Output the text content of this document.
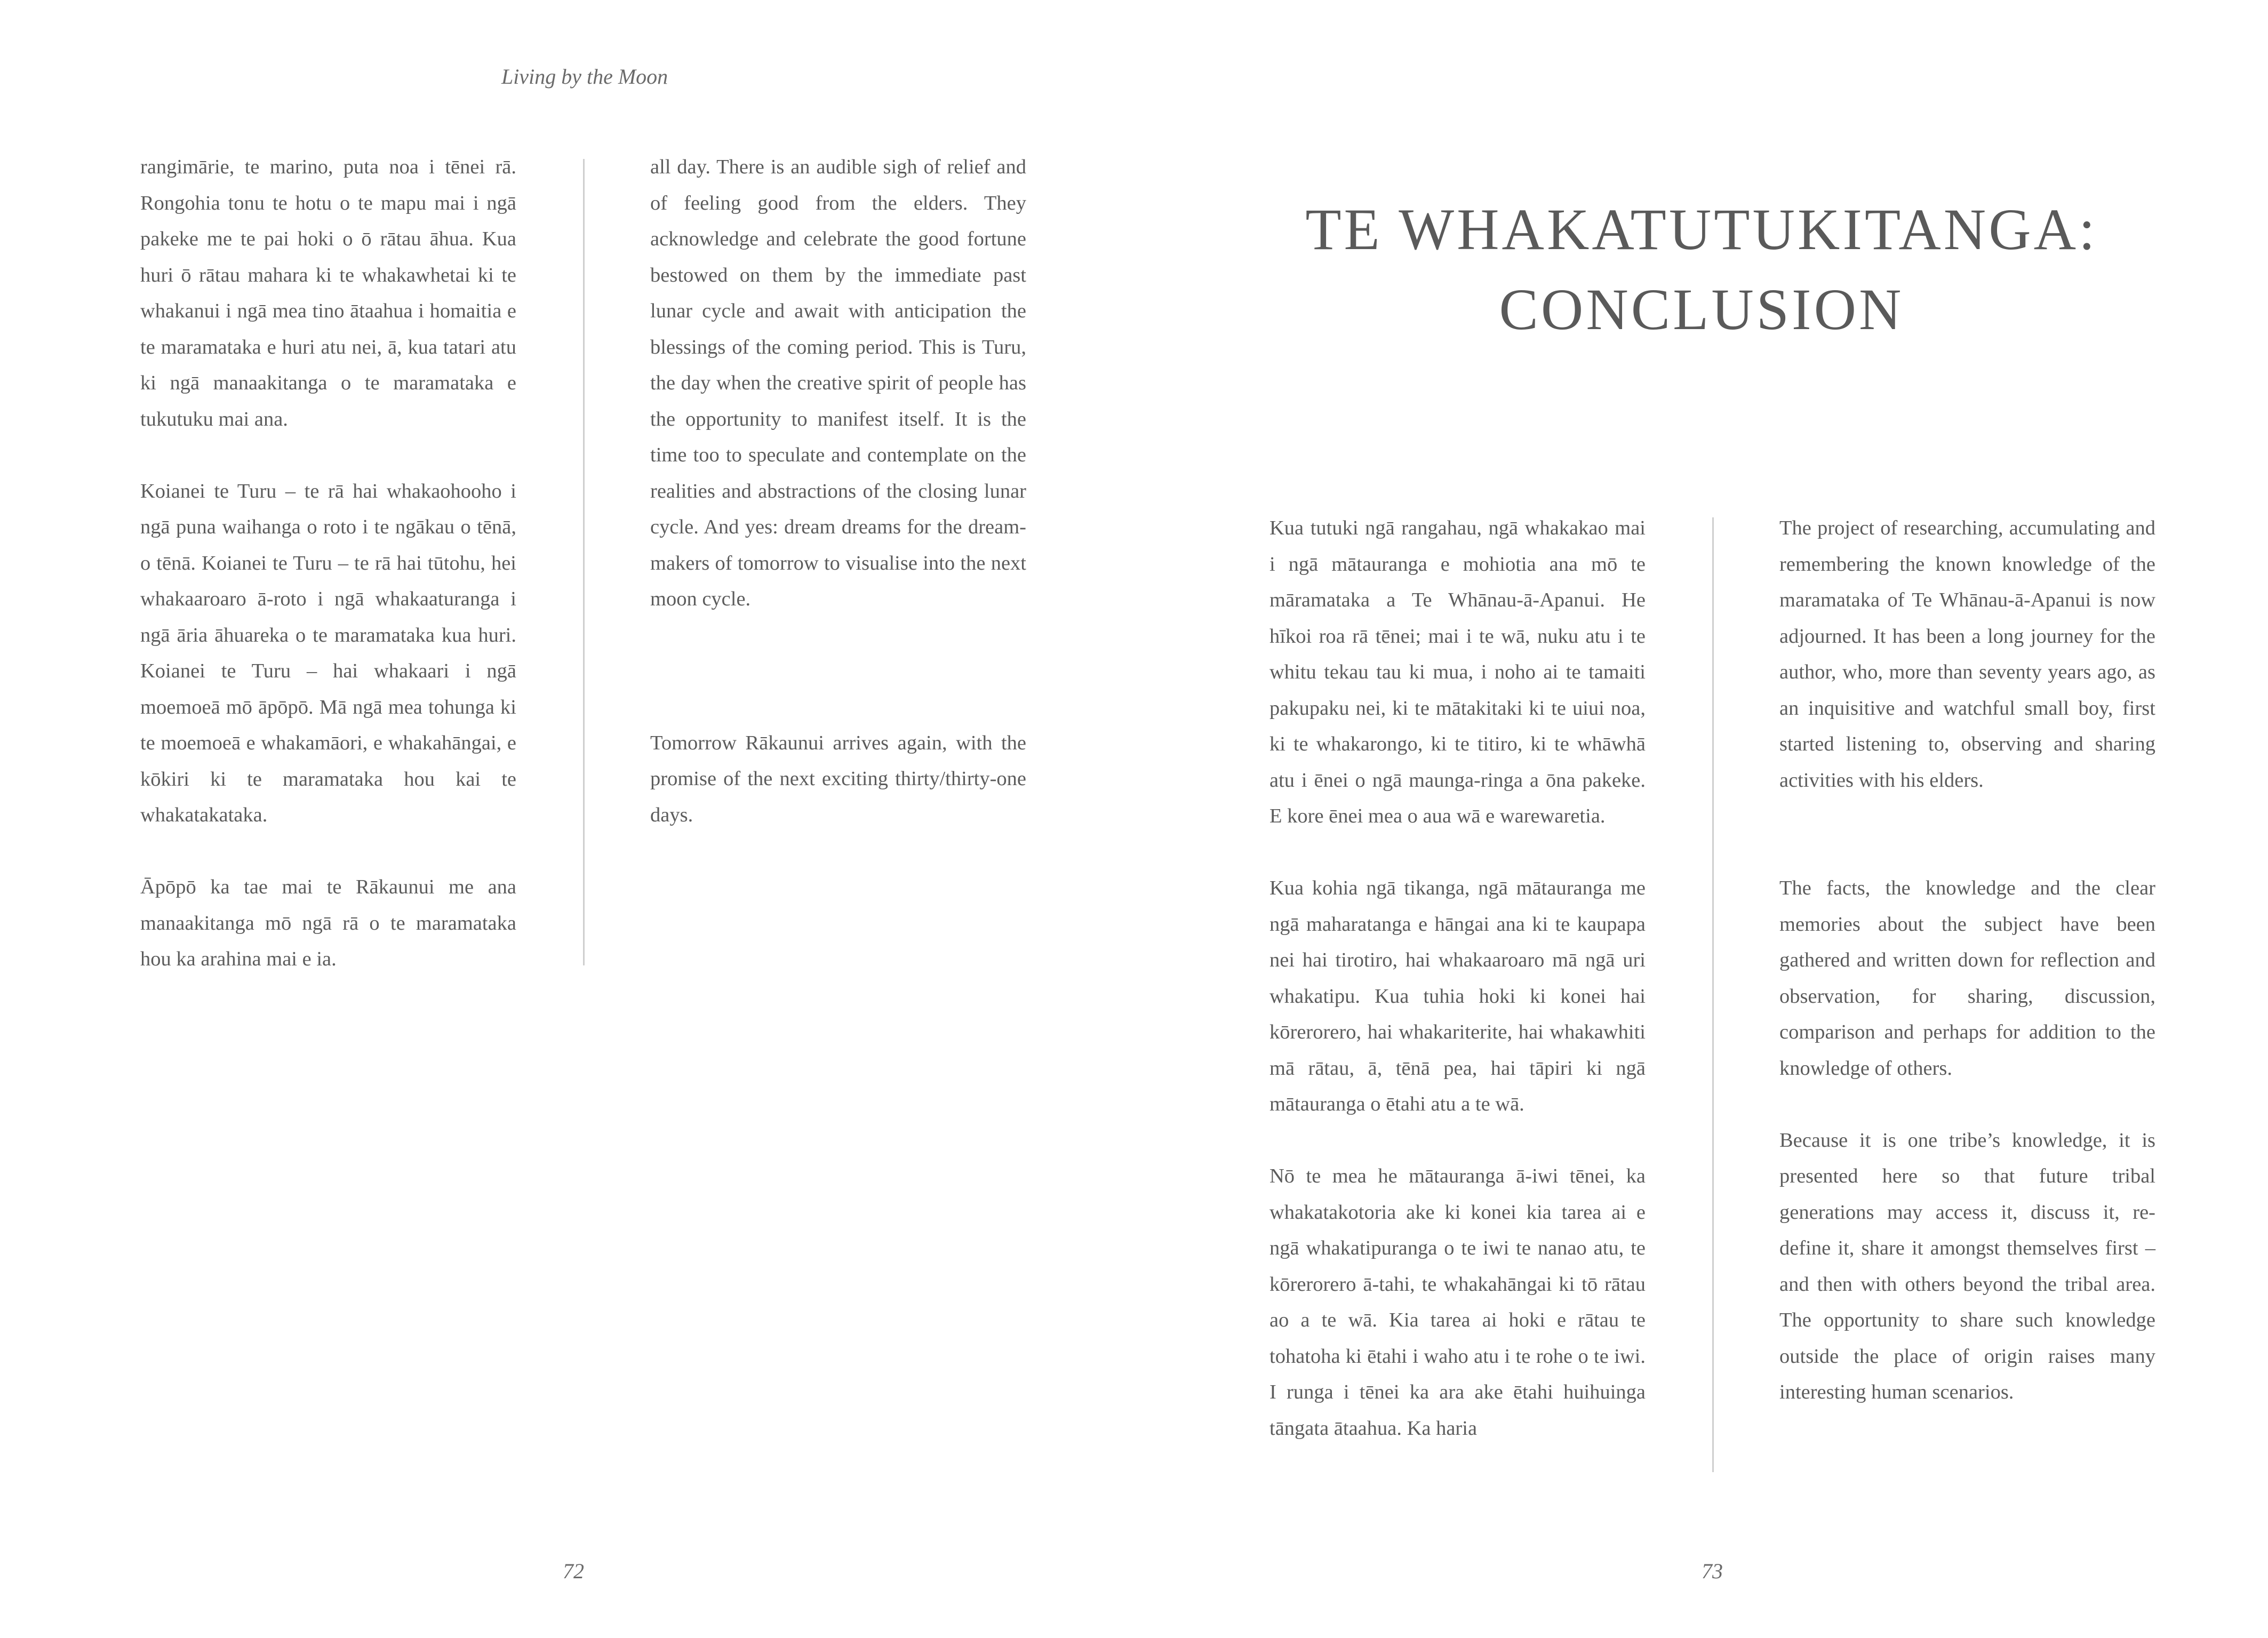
Living by the Moon

rangimārie, te marino, puta noa i tēnei rā. Rongohia tonu te hotu o te mapu mai i ngā pakeke me te pai hoki o ō rātau āhua. Kua huri ō rātau mahara ki te whakawhetai ki te whakanui i ngā mea tino ātaahua i homaitia e te maramataka e huri atu nei, ā, kua tatari atu ki ngā manaakitanga o te maramataka e tukutuku mai ana.

Koianei te Turu – te rā hai whakaohooho i ngā puna waihanga o roto i te ngākau o tēnā, o tēnā. Koianei te Turu – te rā hai tūtohu, hei whakaaroaro ā-roto i ngā whakaaturanga i ngā āria āhuareka o te maramataka kua huri. Koianei te Turu – hai whakaari i ngā moemoeā mō āpōpō. Mā ngā mea tohunga ki te moemoeā e whakamāori, e whakahāngai, e kōkiri ki te maramataka hou kai te whakatakataka.

Āpōpō ka tae mai te Rākaunui me ana manaakitanga mō ngā rā o te maramataka hou ka arahina mai e ia.

all day. There is an audible sigh of relief and of feeling good from the elders. They acknowledge and celebrate the good fortune bestowed on them by the immediate past lunar cycle and await with anticipation the blessings of the coming period. This is Turu, the day when the creative spirit of people has the opportunity to manifest itself. It is the time too to speculate and contemplate on the realities and abstractions of the closing lunar cycle. And yes: dream dreams for the dream-makers of tomorrow to visualise into the next moon cycle.

Tomorrow Rākaunui arrives again, with the promise of the next exciting thirty/thirty-one days.

72
TE WHAKATUTUKITANGA:
CONCLUSION

Kua tutuki ngā rangahau, ngā whakakao mai i ngā mātauranga e mohiotia ana mō te māramataka a Te Whānau-ā-Apanui. He hīkoi roa rā tēnei; mai i te wā, nuku atu i te whitu tekau tau ki mua, i noho ai te tamaiti pakupaku nei, ki te mātakitaki ki te uiui noa, ki te whakarongo, ki te titiro, ki te whāwhā atu i ēnei o ngā maunga-ringa a ōna pakeke. E kore ēnei mea o aua wā e warewaretia.

Kua kohia ngā tikanga, ngā mātauranga me ngā maharatanga e hāngai ana ki te kaupapa nei hai tirotiro, hai whakaaroaro mā ngā uri whakatipu. Kua tuhia hoki ki konei hai kōrerorero, hai whakariterite, hai whakawhiti mā rātau, ā, tēnā pea, hai tāpiri ki ngā mātauranga o ētahi atu a te wā.

Nō te mea he mātauranga ā-iwi tēnei, ka whakatakotoria ake ki konei kia tarea ai e ngā whakatipuranga o te iwi te nanao atu, te kōrerorero ā-tahi, te whakahāngai ki tō rātau ao a te wā. Kia tarea ai hoki e rātau te tohatoha ki ētahi i waho atu i te rohe o te iwi. I runga i tēnei ka ara ake ētahi huihuinga tāngata ātaahua. Ka haria

The project of researching, accumulating and remembering the known knowledge of the maramataka of Te Whānau-ā-Apanui is now adjourned. It has been a long journey for the author, who, more than seventy years ago, as an inquisitive and watchful small boy, first started listening to, observing and sharing activities with his elders.

The facts, the knowledge and the clear memories about the subject have been gathered and written down for reflection and observation, for sharing, discussion, comparison and perhaps for addition to the knowledge of others.

Because it is one tribe’s knowledge, it is presented here so that future tribal generations may access it, discuss it, re-define it, share it amongst themselves first – and then with others beyond the tribal area. The opportunity to share such knowledge outside the place of origin raises many interesting human scenarios.

73
